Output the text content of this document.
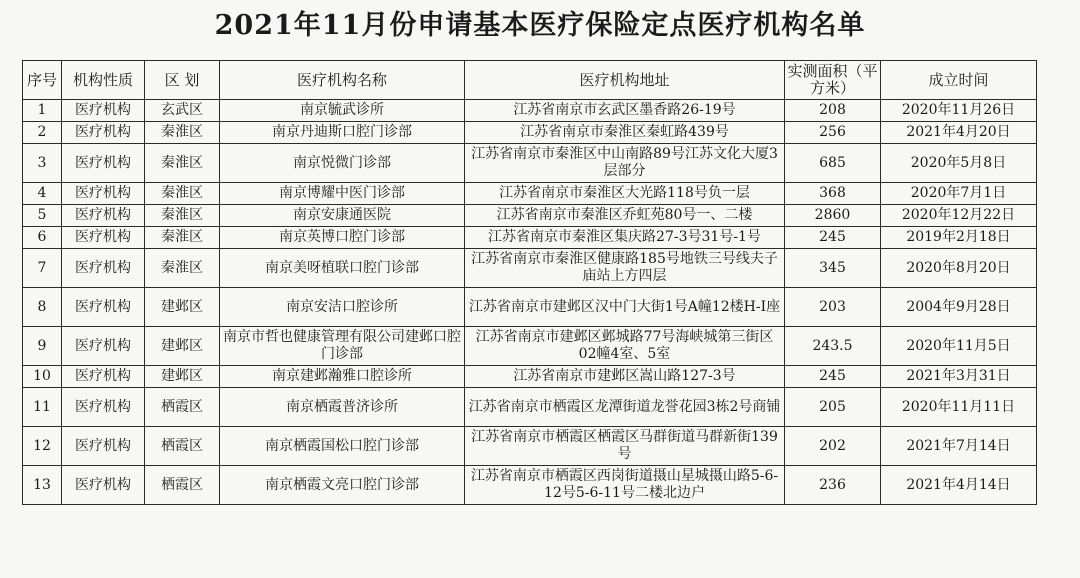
2021年11月份申请基本医疗保险定点医疗机构名单
序号	机构性质	区 划	医疗机构名称	医疗机构地址	实测面积（平方米）	成立时间
1	医疗机构	玄武区	南京毓武诊所	江苏省南京市玄武区墨香路26-19号	208	2020年11月26日
2	医疗机构	秦淮区	南京丹迪斯口腔门诊部	江苏省南京市秦淮区秦虹路439号	256	2021年4月20日
3	医疗机构	秦淮区	南京悦微门诊部	江苏省南京市秦淮区中山南路89号江苏文化大厦3层部分	685	2020年5月8日
4	医疗机构	秦淮区	南京博耀中医门诊部	江苏省南京市秦淮区大光路118号负一层	368	2020年7月1日
5	医疗机构	秦淮区	南京安康通医院	江苏省南京市秦淮区乔虹苑80号一、二楼	2860	2020年12月22日
6	医疗机构	秦淮区	南京英博口腔门诊部	江苏省南京市秦淮区集庆路27-3号31号-1号	245	2019年2月18日
7	医疗机构	秦淮区	南京美呀植联口腔门诊部	江苏省南京市秦淮区健康路185号地铁三号线夫子庙站上方四层	345	2020年8月20日
8	医疗机构	建邺区	南京安洁口腔诊所	江苏省南京市建邺区汉中门大街1号A幢12楼H-I座	203	2004年9月28日
9	医疗机构	建邺区	南京市哲也健康管理有限公司建邺口腔门诊部	江苏省南京市建邺区邺城路77号海峡城第三街区02幢4室、5室	243.5	2020年11月5日
10	医疗机构	建邺区	南京建邺瀚雅口腔诊所	江苏省南京市建邺区嵩山路127-3号	245	2021年3月31日
11	医疗机构	栖霞区	南京栖霞普济诊所	江苏省南京市栖霞区龙潭街道龙誉花园3栋2号商铺	205	2020年11月11日
12	医疗机构	栖霞区	南京栖霞国松口腔门诊部	江苏省南京市栖霞区栖霞区马群街道马群新街139号	202	2021年7月14日
13	医疗机构	栖霞区	南京栖霞文亮口腔门诊部	江苏省南京市栖霞区西岗街道摄山星城摄山路5-6-12号5-6-11号二楼北边户	236	2021年4月14日
